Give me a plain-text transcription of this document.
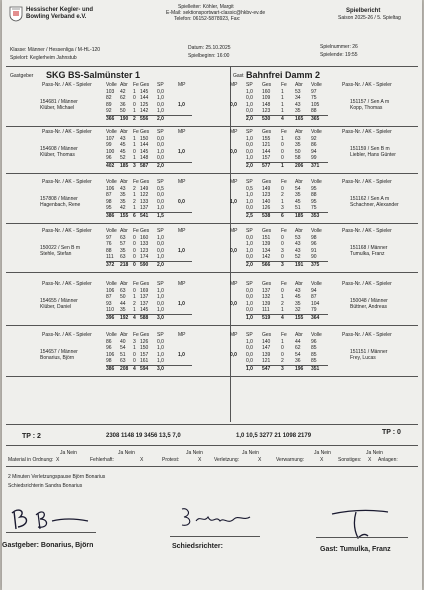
Hessischer Kegler- und
Bowling Verband e.V.
Spielleiter: Köhler, Margit
E-Mail: sektionsportwart-classic@hkbv-ev.de
Telefon: 06152-5878923, Fax:
Spielbericht
Saison 2025-26 / 5. Spieltag
Klasse: Männer / Hessenliga / M-HL-120
Spielort: Keglerheim Jahnstub
Datum: 25.10.2025
Spielbeginn: 16:00
Spielnummer: 26
Spielende: 19:55
Gastgeber SKG BS-Salmünster 1	Gast Bahnfrei Damm 2
TP : 2	2308 1148 19 3456 13,5 7,0	1,0 10,5 3277 21 1098 2179	TP : 0
Material in Ordnung:
Ja Nein
X	Fehlerhaft:
Ja Nein
X	Protest:
Ja Nein
X	Verletzung:
Ja Nein
X	Verwarnung:
Ja Nein
X	Sonstiges:
Ja Nein
X Anlagen:
2 Minuten Verletzungspause Björn Bonarius
Schiedsrichterin Sandra Bonarius
Gastgeber: Bonarius, Björn	Schiedsrichter:	Gast: Tumulka, Franz
Pass-Nr. / AK - Spieler	Pass-Nr. / AK - Spieler
Volle Abr Fe Ges SP	MP	MP SP Ges Fe Abr Volle
103 42 1 145 0,0
82 62 0 144 1,0
89 36 0 125 0,0
92 50 1 142 1,0
1,0 160 1 53 97
0,0 109 1 34 75
1,0 148 1 43 105
0,0 123 1 35 88
1,0	0,0
366 190 2 556 2,0	2,0 530 4 165 365
154681 / Männer
Klüber, Michael
151157 / Sen A m
Kopp, Thomas
Pass-Nr. / AK - Spieler	Pass-Nr. / AK - Spieler
Volle Abr Fe Ges SP	MP	MP SP Ges Fe Abr Volle
107 43 1 150 0,0
99 45 1 144 0,0
100 45 0 145 1,0
96 52 1 148 0,0
1,0 155 1 63 92
0,0 121 0 35 86
0,0 144 0 50 94
1,0 157 0 58 99
1,0	0,0
402 185 3 587 2,0	2,0 577 1 206 371
154608 / Männer
Klüber, Thomas
151159 / Sen B m
Liebler, Hans Günter
Pass-Nr. / AK - Spieler	Pass-Nr. / AK - Spieler
Volle Abr Fe Ges SP	MP	MP SP Ges Fe Abr Volle
106 43 2 149 0,5
87 35 1 122 0,0
98 35 2 133 0,0
95 42 1 137 1,0
0,5 149 0 54 95
1,0 123 2 35 88
1,0 140 1 45 95
0,0 126 3 51 75
0,0	1,0
386 155 6 541 1,5	2,5 538 6 185 353
157808 / Männer
Hagenbach, Rene
151162 / Sen A m
Schachner, Alexander
Pass-Nr. / AK - Spieler	Pass-Nr. / AK - Spieler
Volle Abr Fe Ges SP	MP	MP SP Ges Fe Abr Volle
97 63 0 160 1,0
76 57 0 133 0,0
88 35 0 123 0,0
111 63 0 174 1,0
0,0 151 0 53 98
1,0 139 0 43 96
1,0 134 3 43 91
0,0 142 0 52 90
1,0	0,0
372 218 0 590 2,0	2,0 566 3 191 375
150022 / Sen B m
Stehle, Stefan
151168 / Männer
Tumulka, Franz
Pass-Nr. / AK - Spieler	Pass-Nr. / AK - Spieler
Volle Abr Fe Ges SP	MP	MP SP Ges Fe Abr Volle
106 63 0 169 1,0
87 50 1 137 1,0
93 44 2 137 0,0
110 35 1 145 1,0
0,0 137 0 43 94
0,0 132 1 45 87
1,0 139 2 35 104
0,0 111 1 32 79
1,0	0,0
396 192 4 588 3,0	1,0 519 4 155 364
154655 / Männer
Klüber, Daniel
150048 / Männer
Büttner, Andreas
Pass-Nr. / AK - Spieler	Pass-Nr. / AK - Spieler
Volle Abr Fe Ges SP	MP	MP SP Ges Fe Abr Volle
86 40 3 126 0,0
96 54 1 150 1,0
106 51 0 157 1,0
98 63 0 161 1,0
1,0 140 1 44 96
0,0 147 0 62 85
0,0 139 0 54 85
0,0 121 2 36 85
1,0	0,0
386 208 4 594 3,0	1,0 547 3 196 351
154657 / Männer
Bonarius, Björn
151151 / Männer
Frey, Lucas
